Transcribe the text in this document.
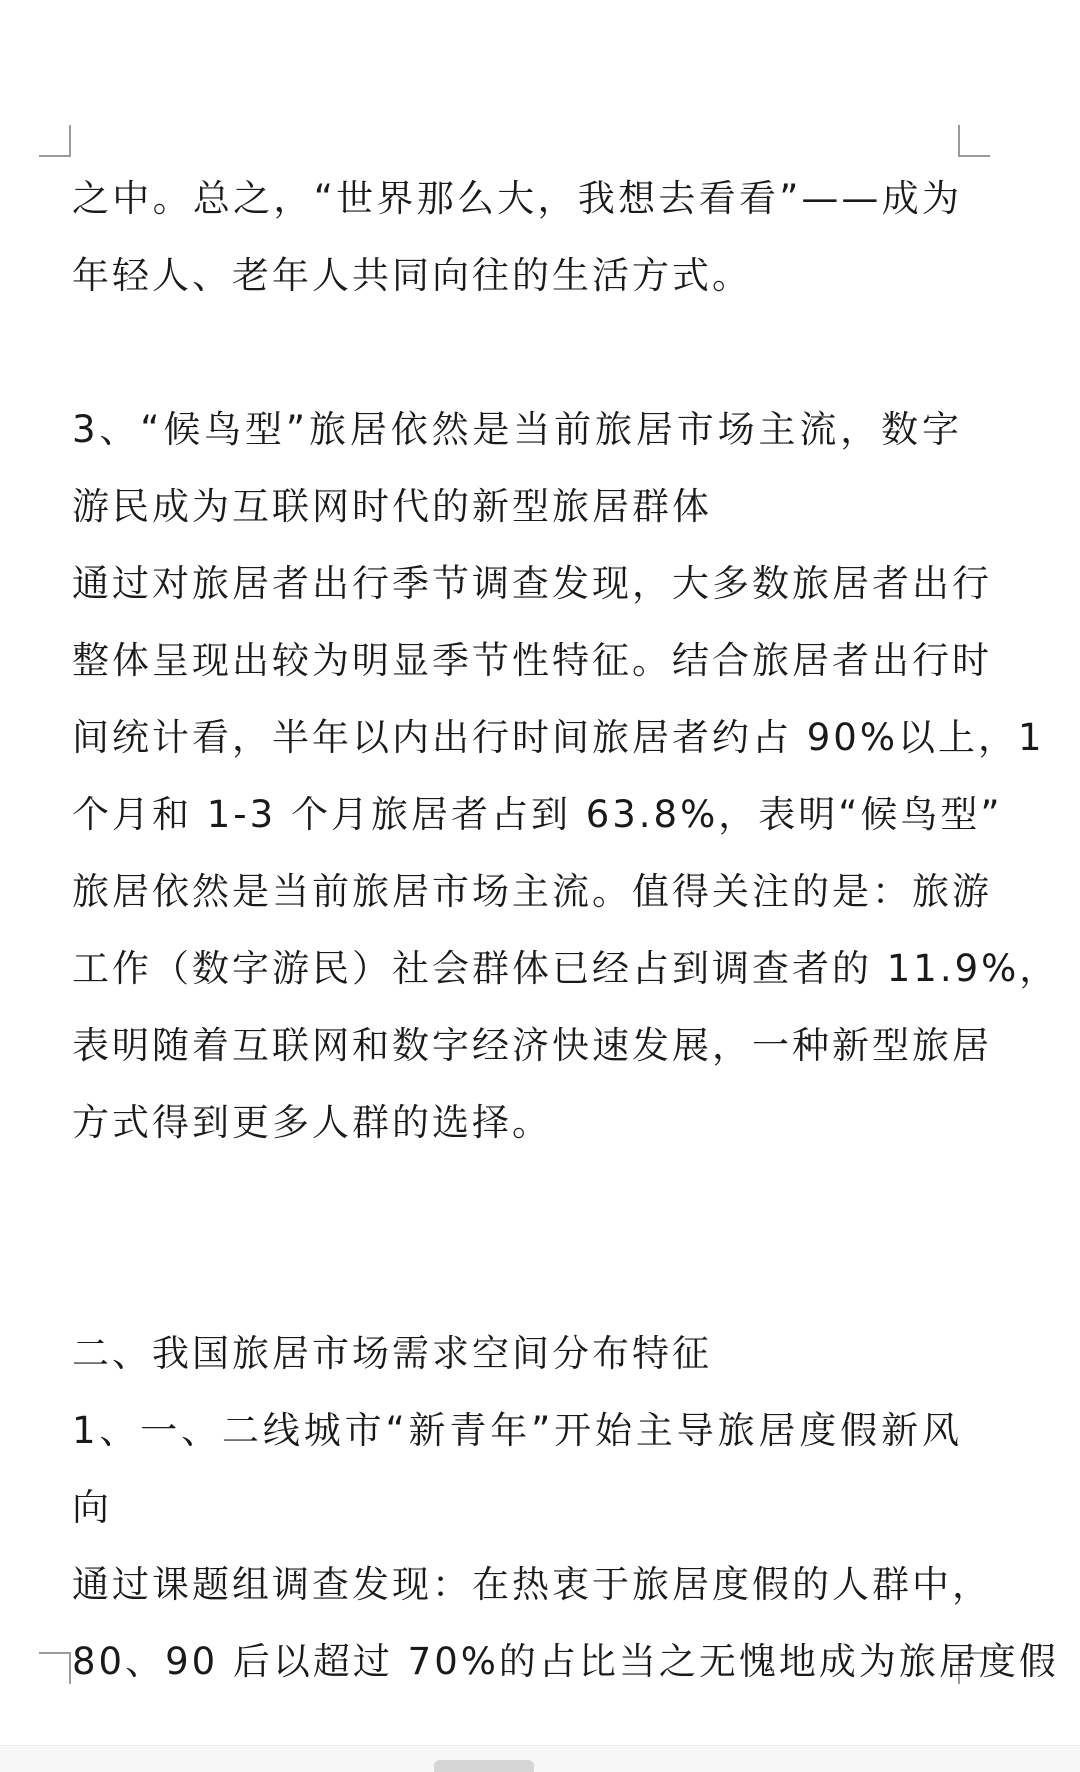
之中。总之，“世界那么大，我想去看看”——成为
年轻人、老年人共同向往的生活方式。
3、“候鸟型”旅居依然是当前旅居市场主流，数字
游民成为互联网时代的新型旅居群体
通过对旅居者出行季节调查发现，大多数旅居者出行
整体呈现出较为明显季节性特征。结合旅居者出行时
间统计看，半年以内出行时间旅居者约占 90%以上，1
个月和 1-3 个月旅居者占到 63.8%，表明“候鸟型”
旅居依然是当前旅居市场主流。值得关注的是：旅游
工作（数字游民）社会群体已经占到调查者的 11.9%，
表明随着互联网和数字经济快速发展，一种新型旅居
方式得到更多人群的选择。
二、我国旅居市场需求空间分布特征
1、一、二线城市“新青年”开始主导旅居度假新风
向
通过课题组调查发现：在热衷于旅居度假的人群中，
80、90 后以超过 70%的占比当之无愧地成为旅居度假
